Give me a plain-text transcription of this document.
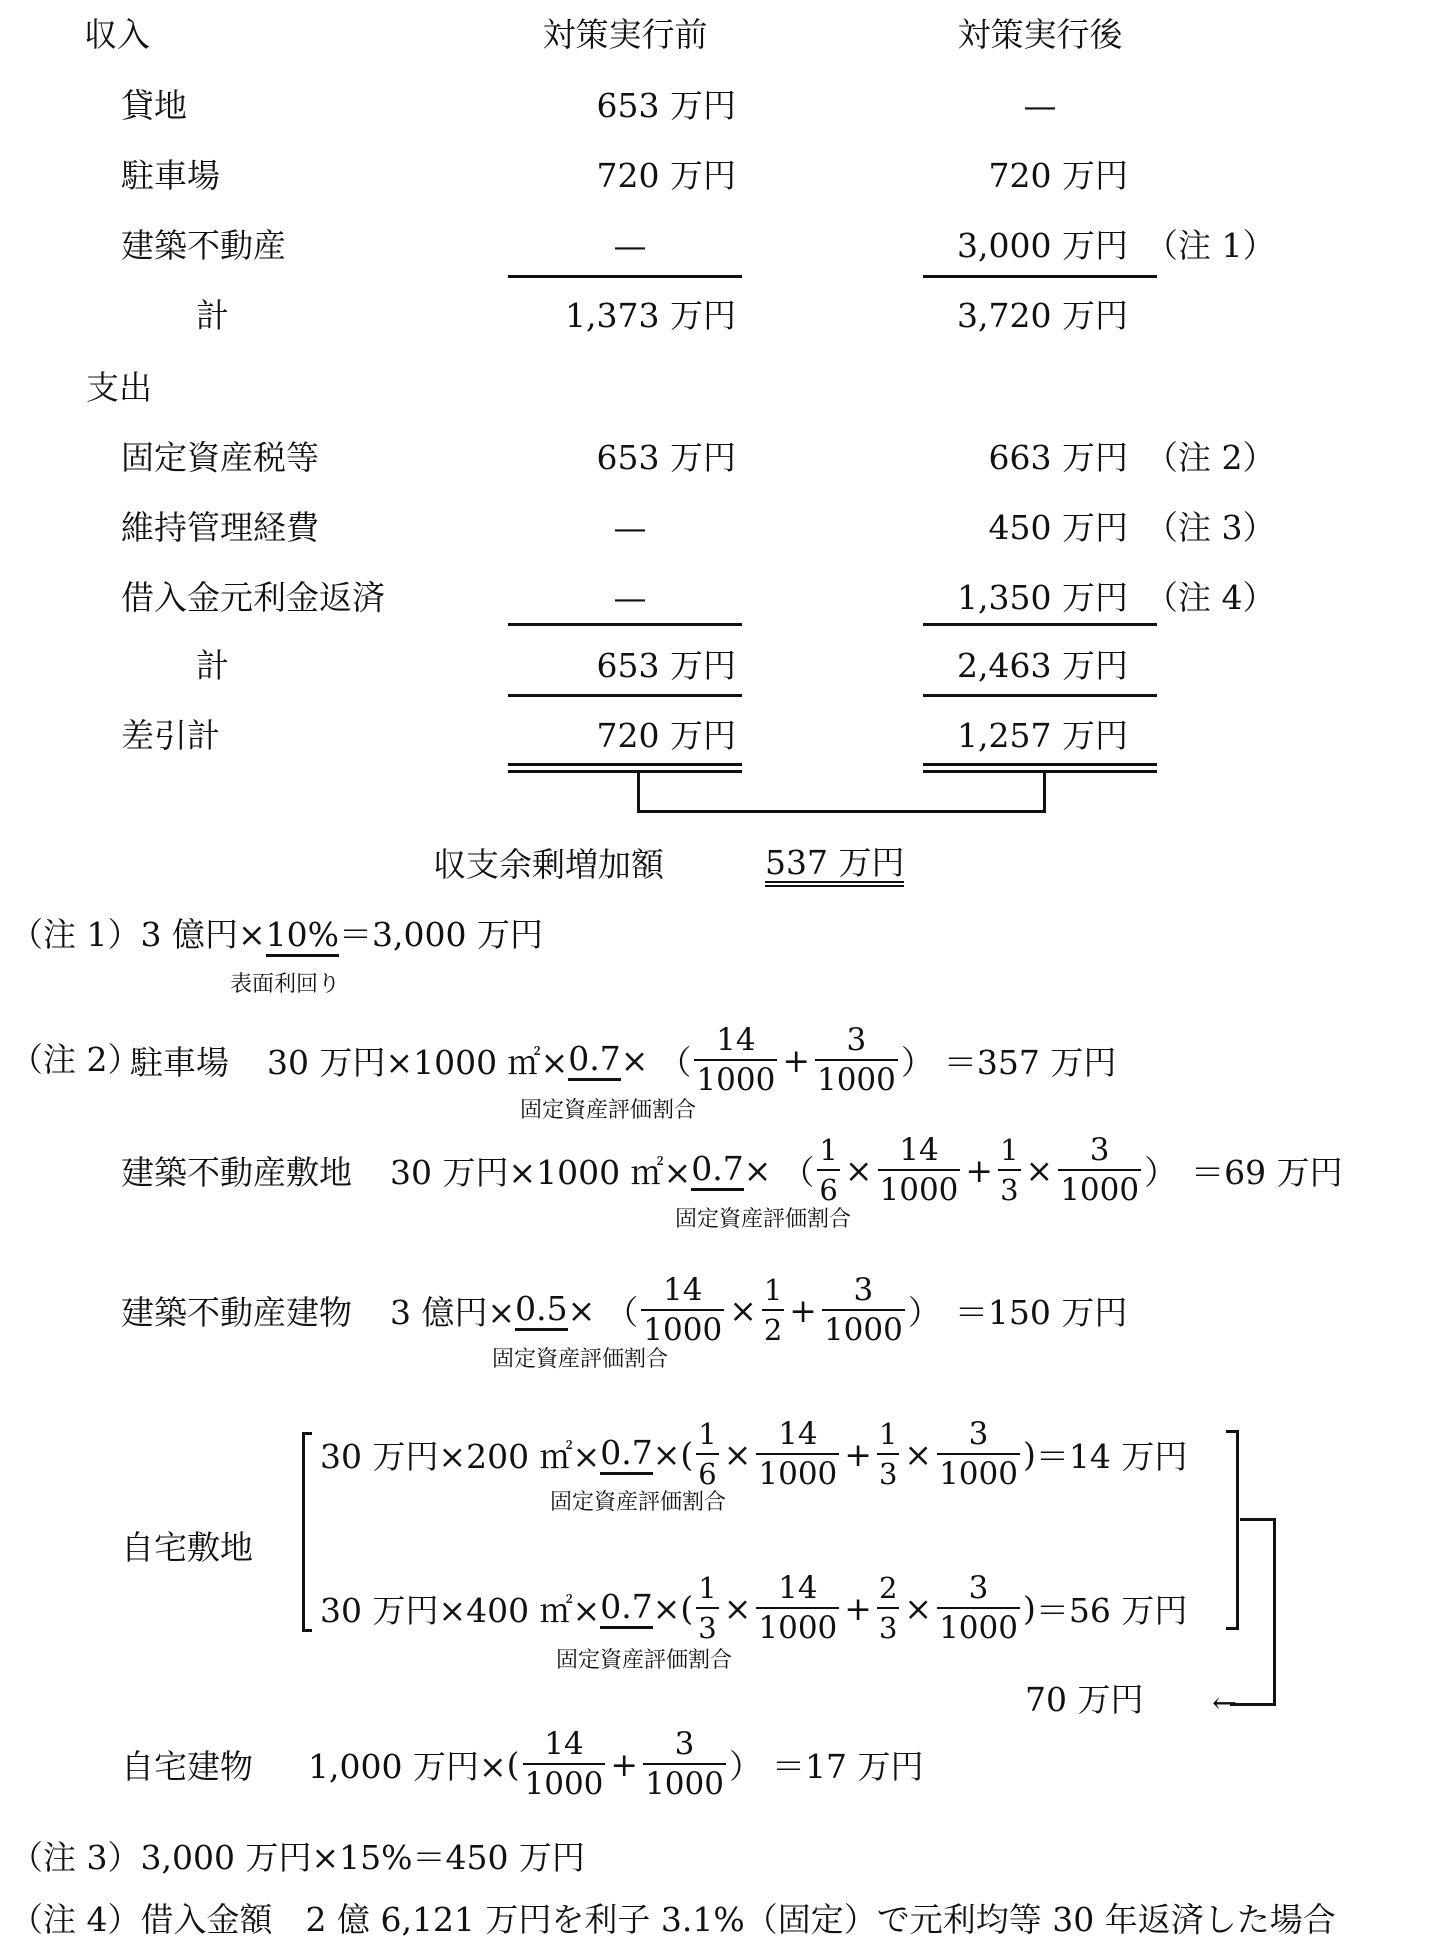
収入	対策実行前	対策実行後
貸地	653 万円	—
駐車場	720 万円	720 万円
建築不動産	—	3,000 万円 （注 1）
計	1,373 万円	3,720 万円
支出
固定資産税等	653 万円	663 万円 （注 2）
維持管理経費	—	450 万円 （注 3）
借入金元利金返済	—	1,350 万円 （注 4）
計	653 万円	2,463 万円
差引計	720 万円	1,257 万円
収支余剰増加額	537 万円
（注 1）3 億円×10%＝3,000 万円
表面利回り
（注 2）
駐車場 30 万円×1000 ㎡× 0.7 × （ $\frac{14}{1000} + \frac{3}{1000}$ ） ＝357 万円
固定資産評価割合
建築不動産敷地 30 万円×1000 ㎡× 0.7 × （ $\frac{1}{6} \times \frac{14}{1000} + \frac{1}{3} \times \frac{3}{1000}$ ） ＝69 万円
固定資産評価割合
建築不動産建物 3 億円× 0.5 × （ $\frac{14}{1000} \times \frac{1}{2} + \frac{3}{1000}$ ） ＝150 万円
固定資産評価割合
自宅敷地
30 万円×200 ㎡× 0.7 × ( $\frac{1}{6} \times \frac{14}{1000} + \frac{1}{3} \times \frac{3}{1000}$ ) ＝14 万円
固定資産評価割合
30 万円×400 ㎡× 0.7 × ( $\frac{1}{3} \times \frac{14}{1000} + \frac{2}{3} \times \frac{3}{1000}$ ) ＝56 万円
固定資産評価割合
70 万円 ←
自宅建物 1,000 万円× ( $\frac{14}{1000} + \frac{3}{1000}$ ） ＝17 万円
（注 3）3,000 万円×15%＝450 万円
（注 4）借入金額　2 億 6,121 万円を利子 3.1%（固定）で元利均等 30 年返済した場合
